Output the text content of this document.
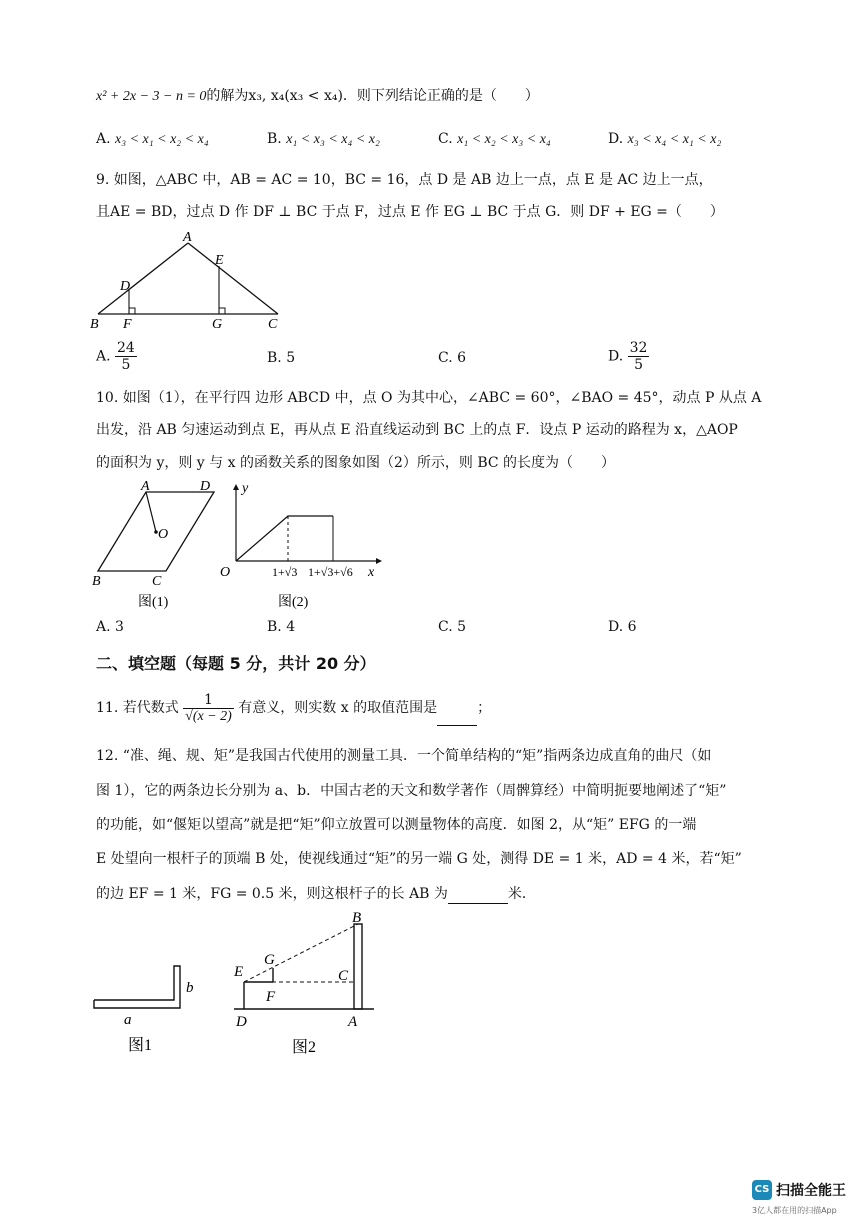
x² + 2x − 3 − n = 0的解为x₃, x₄(x₃ < x₄)．则下列结论正确的是（　　）
A. x₃ < x₁ < x₂ < x₄	B. x₁ < x₃ < x₄ < x₂	C. x₁ < x₂ < x₃ < x₄	D. x₃ < x₄ < x₁ < x₂
9. 如图，△ABC 中，AB = AC = 10，BC = 16，点 D 是 AB 边上一点，点 E 是 AC 边上一点，
且AE = BD，过点 D 作 DF ⊥ BC 于点 F，过点 E 作 EG ⊥ BC 于点 G．则 DF + EG =（　　）
A
B	C
D
E
F	G
A. $\frac{24}{5}$	B. 5	C. 6	D. $\frac{32}{5}$
10. 如图（1），在平行四 边形 ABCD 中，点 O 为其中心，∠ABC = 60°，∠BAO = 45°，动点 P 从点 A
出发，沿 AB 匀速运动到点 E，再从点 E 沿直线运动到 BC 上的点 F．设点 P 运动的路程为 x，△AOP
的面积为 y，则 y 与 x 的函数关系的图象如图（2）所示，则 BC 的长度为（　　）
A	D
B	C
O
图(1)
y
x
O	1+√3 1+√3+√6
图(2)
A. 3	B. 4	C. 5	D. 6
二、填空题（每题 5 分，共计 20 分）
11. 若代数式 $\frac{1}{√(x - 2)}$ 有意义，则实数 x 的取值范围是	；
12. “准、绳、规、矩”是我国古代使用的测量工具．一个简单结构的“矩”指两条边成直角的曲尺（如
图 1），它的两条边长分别为 a、b．中国古老的天文和数学著作（周髀算经）中简明扼要地阐述了“矩”
的功能，如“偃矩以望高”就是把“矩”仰立放置可以测量物体的高度．如图 2，从“矩” EFG 的一端
E 处望向一根杆子的顶端 B 处，使视线通过“矩”的另一端 G 处，测得 DE = 1 米，AD = 4 米，若“矩”
的边 EF = 1 米，FG = 0.5 米，则这根杆子的长 AB 为	米．
b
a
图1
B
G
E	C
F
D	A
图2
CS 扫描全能王
3亿人都在用的扫描App
